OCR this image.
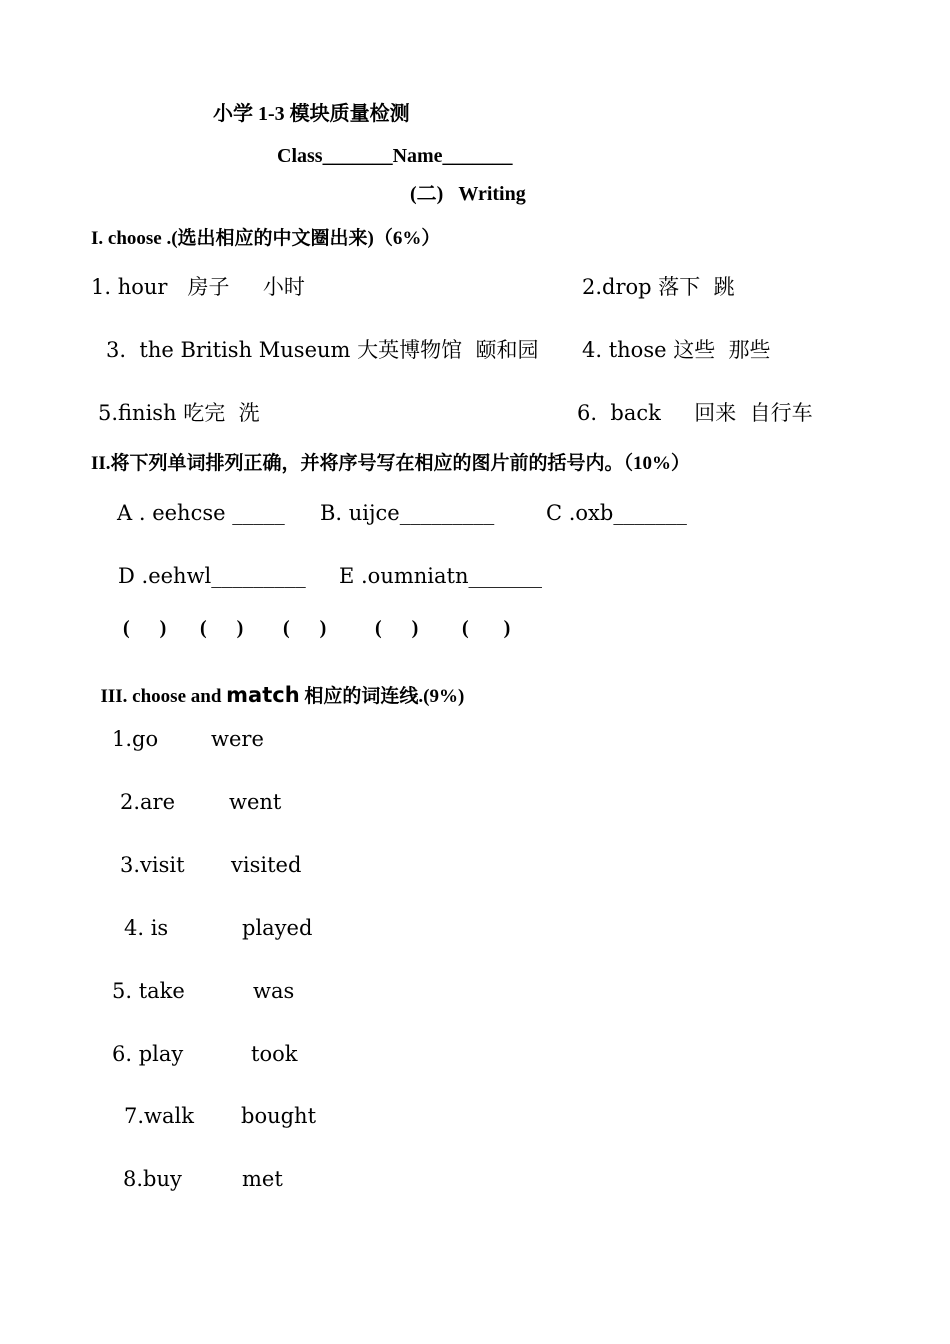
小学 1-3 模块质量检测
Class_______Name_______
(二)   Writing
I. choose .(选出相应的中文圈出来)（6%）
1. hour   房子     小时	2.drop 落下  跳
3.  the British Museum 大英博物馆  颐和园 4. those 这些  那些
5.finish 吃完  洗	6.  back     回来  自行车
II.将下列单词排列正确，并将序号写在相应的图片前的括号内。（10%）
A . eehcse _____ B. uijce_________ C .oxb_______
D .eehwl_________ E .oumniatn_______
(      ) (      ) (      ) (      ) (       )

III. choose and match 相应的词连线.(9%)

1.go	were
2.are	went
3.visit visited
4. is	played
5. take	was
6. play	took
7.walk bought
8.buy	met
